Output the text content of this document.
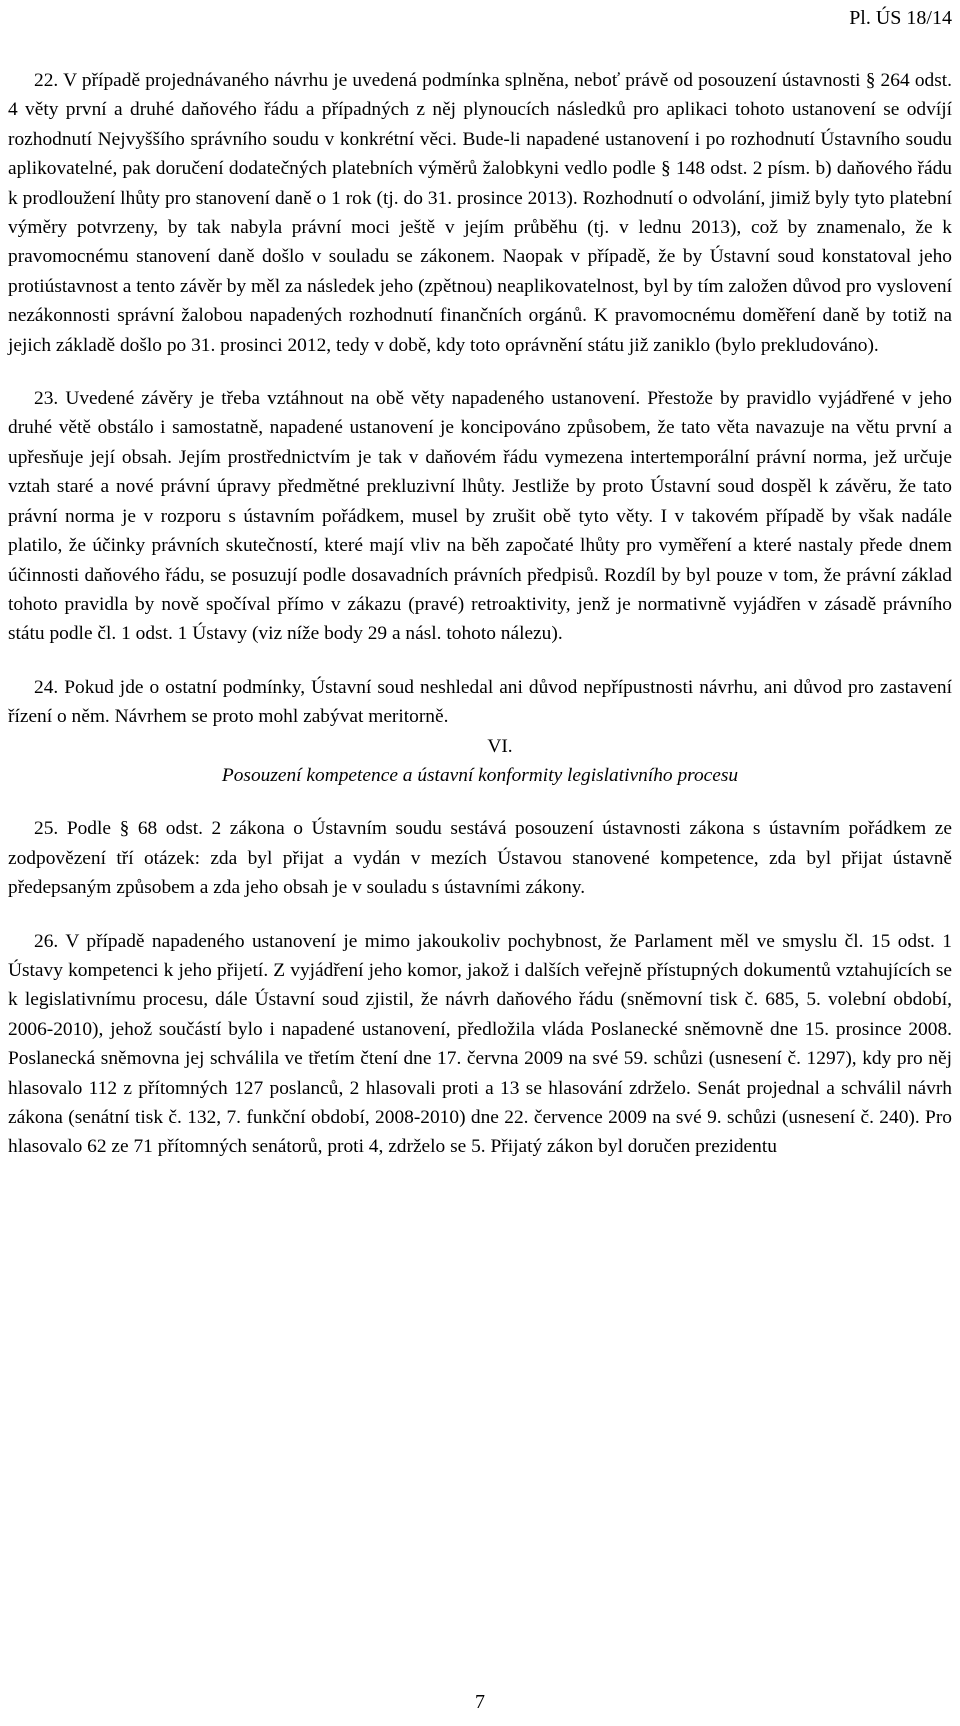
Pl. ÚS 18/14

22. V případě projednávaného návrhu je uvedená podmínka splněna, neboť právě od posouzení ústavnosti § 264 odst. 4 věty první a druhé daňového řádu a případných z něj plynoucích následků pro aplikaci tohoto ustanovení se odvíjí rozhodnutí Nejvyššího správního soudu v konkrétní věci. Bude-li napadené ustanovení i po rozhodnutí Ústavního soudu aplikovatelné, pak doručení dodatečných platebních výměrů žalobkyni vedlo podle § 148 odst. 2 písm. b) daňového řádu k prodloužení lhůty pro stanovení daně o 1 rok (tj. do 31. prosince 2013). Rozhodnutí o odvolání, jimiž byly tyto platební výměry potvrzeny, by tak nabyla právní moci ještě v jejím průběhu (tj. v lednu 2013), což by znamenalo, že k pravomocnému stanovení daně došlo v souladu se zákonem. Naopak v případě, že by Ústavní soud konstatoval jeho protiústavnost a tento závěr by měl za následek jeho (zpětnou) neaplikovatelnost, byl by tím založen důvod pro vyslovení nezákonnosti správní žalobou napadených rozhodnutí finančních orgánů. K pravomocnému doměření daně by totiž na jejich základě došlo po 31. prosinci 2012, tedy v době, kdy toto oprávnění státu již zaniklo (bylo prekludováno).

23. Uvedené závěry je třeba vztáhnout na obě věty napadeného ustanovení. Přestože by pravidlo vyjádřené v jeho druhé větě obstálo i samostatně, napadené ustanovení je koncipováno způsobem, že tato věta navazuje na větu první a upřesňuje její obsah. Jejím prostřednictvím je tak v daňovém řádu vymezena intertemporální právní norma, jež určuje vztah staré a nové právní úpravy předmětné prekluzivní lhůty. Jestliže by proto Ústavní soud dospěl k závěru, že tato právní norma je v rozporu s ústavním pořádkem, musel by zrušit obě tyto věty. I v takovém případě by však nadále platilo, že účinky právních skutečností, které mají vliv na běh započaté lhůty pro vyměření a které nastaly přede dnem účinnosti daňového řádu, se posuzují podle dosavadních právních předpisů. Rozdíl by byl pouze v tom, že právní základ tohoto pravidla by nově spočíval přímo v zákazu (pravé) retroaktivity, jenž je normativně vyjádřen v zásadě právního státu podle čl. 1 odst. 1 Ústavy (viz níže body 29 a násl. tohoto nálezu).

24. Pokud jde o ostatní podmínky, Ústavní soud neshledal ani důvod nepřípustnosti návrhu, ani důvod pro zastavení řízení o něm. Návrhem se proto mohl zabývat meritorně.

VI.

Posouzení kompetence a ústavní konformity legislativního procesu

25. Podle § 68 odst. 2 zákona o Ústavním soudu sestává posouzení ústavnosti zákona s ústavním pořádkem ze zodpovězení tří otázek: zda byl přijat a vydán v mezích Ústavou stanovené kompetence, zda byl přijat ústavně předepsaným způsobem a zda jeho obsah je v souladu s ústavními zákony.

26. V případě napadeného ustanovení je mimo jakoukoliv pochybnost, že Parlament měl ve smyslu čl. 15 odst. 1 Ústavy kompetenci k jeho přijetí. Z vyjádření jeho komor, jakož i dalších veřejně přístupných dokumentů vztahujících se k legislativnímu procesu, dále Ústavní soud zjistil, že návrh daňového řádu (sněmovní tisk č. 685, 5. volební období, 2006-2010), jehož součástí bylo i napadené ustanovení, předložila vláda Poslanecké sněmovně dne 15. prosince 2008. Poslanecká sněmovna jej schválila ve třetím čtení dne 17. června 2009 na své 59. schůzi (usnesení č. 1297), kdy pro něj hlasovalo 112 z přítomných 127 poslanců, 2 hlasovali proti a 13 se hlasování zdrželo. Senát projednal a schválil návrh zákona (senátní tisk č. 132, 7. funkční období, 2008-2010) dne 22. července 2009 na své 9. schůzi (usnesení č. 240). Pro hlasovalo 62 ze 71 přítomných senátorů, proti 4, zdrželo se 5. Přijatý zákon byl doručen prezidentu

7
